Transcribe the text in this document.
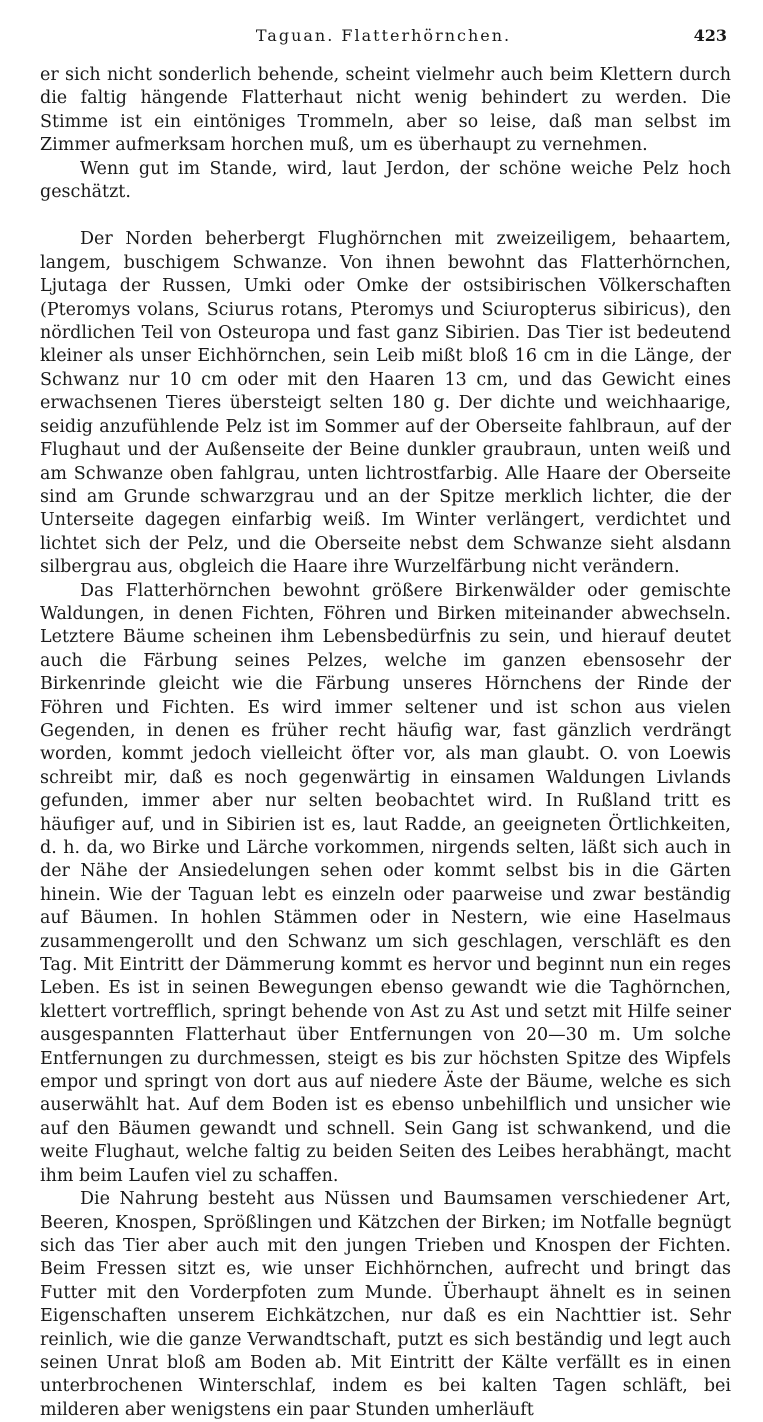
Taguan. Flatterhörnchen.	423

er sich nicht sonderlich behende, scheint vielmehr auch beim Klettern durch die faltig hängende Flatterhaut nicht wenig behindert zu werden. Die Stimme ist ein eintöniges Trommeln, aber so leise, daß man selbst im Zimmer aufmerksam horchen muß, um es überhaupt zu vernehmen.

Wenn gut im Stande, wird, laut Jerdon, der schöne weiche Pelz hoch geschätzt.

Der Norden beherbergt Flughörnchen mit zweizeiligem, behaartem, langem, buschigem Schwanze. Von ihnen bewohnt das Flatterhörnchen, Ljutaga der Russen, Umki oder Omke der ostsibirischen Völkerschaften (Pteromys volans, Sciurus rotans, Pteromys und Sciuropterus sibiricus), den nördlichen Teil von Osteuropa und fast ganz Sibirien. Das Tier ist bedeutend kleiner als unser Eichhörnchen, sein Leib mißt bloß 16 cm in die Länge, der Schwanz nur 10 cm oder mit den Haaren 13 cm, und das Gewicht eines erwachsenen Tieres übersteigt selten 180 g. Der dichte und weichhaarige, seidig anzufühlende Pelz ist im Sommer auf der Oberseite fahlbraun, auf der Flughaut und der Außenseite der Beine dunkler graubraun, unten weiß und am Schwanze oben fahlgrau, unten lichtrostfarbig. Alle Haare der Oberseite sind am Grunde schwarzgrau und an der Spitze merklich lichter, die der Unterseite dagegen einfarbig weiß. Im Winter verlängert, verdichtet und lichtet sich der Pelz, und die Oberseite nebst dem Schwanze sieht alsdann silbergrau aus, obgleich die Haare ihre Wurzelfärbung nicht verändern.

Das Flatterhörnchen bewohnt größere Birkenwälder oder gemischte Waldungen, in denen Fichten, Föhren und Birken miteinander abwechseln. Letztere Bäume scheinen ihm Lebensbedürfnis zu sein, und hierauf deutet auch die Färbung seines Pelzes, welche im ganzen ebensosehr der Birkenrinde gleicht wie die Färbung unseres Hörnchens der Rinde der Föhren und Fichten. Es wird immer seltener und ist schon aus vielen Gegenden, in denen es früher recht häufig war, fast gänzlich verdrängt worden, kommt jedoch vielleicht öfter vor, als man glaubt. O. von Loewis schreibt mir, daß es noch gegenwärtig in einsamen Waldungen Livlands gefunden, immer aber nur selten beobachtet wird. In Rußland tritt es häufiger auf, und in Sibirien ist es, laut Radde, an geeigneten Örtlichkeiten, d. h. da, wo Birke und Lärche vorkommen, nirgends selten, läßt sich auch in der Nähe der Ansiedelungen sehen oder kommt selbst bis in die Gärten hinein. Wie der Taguan lebt es einzeln oder paarweise und zwar beständig auf Bäumen. In hohlen Stämmen oder in Nestern, wie eine Haselmaus zusammengerollt und den Schwanz um sich geschlagen, verschläft es den Tag. Mit Eintritt der Dämmerung kommt es hervor und beginnt nun ein reges Leben. Es ist in seinen Bewegungen ebenso gewandt wie die Taghörnchen, klettert vortrefflich, springt behende von Ast zu Ast und setzt mit Hilfe seiner ausgespannten Flatterhaut über Entfernungen von 20—30 m. Um solche Entfernungen zu durchmessen, steigt es bis zur höchsten Spitze des Wipfels empor und springt von dort aus auf niedere Äste der Bäume, welche es sich auserwählt hat. Auf dem Boden ist es ebenso unbehilflich und unsicher wie auf den Bäumen gewandt und schnell. Sein Gang ist schwankend, und die weite Flughaut, welche faltig zu beiden Seiten des Leibes herabhängt, macht ihm beim Laufen viel zu schaffen.

Die Nahrung besteht aus Nüssen und Baumsamen verschiedener Art, Beeren, Knospen, Sprößlingen und Kätzchen der Birken; im Notfalle begnügt sich das Tier aber auch mit den jungen Trieben und Knospen der Fichten. Beim Fressen sitzt es, wie unser Eichhörnchen, aufrecht und bringt das Futter mit den Vorderpfoten zum Munde. Überhaupt ähnelt es in seinen Eigenschaften unserem Eichkätzchen, nur daß es ein Nachttier ist. Sehr reinlich, wie die ganze Verwandtschaft, putzt es sich beständig und legt auch seinen Unrat bloß am Boden ab. Mit Eintritt der Kälte verfällt es in einen unterbrochenen Winterschlaf, indem es bei kalten Tagen schläft, bei milderen aber wenigstens ein paar Stunden umherläuft
